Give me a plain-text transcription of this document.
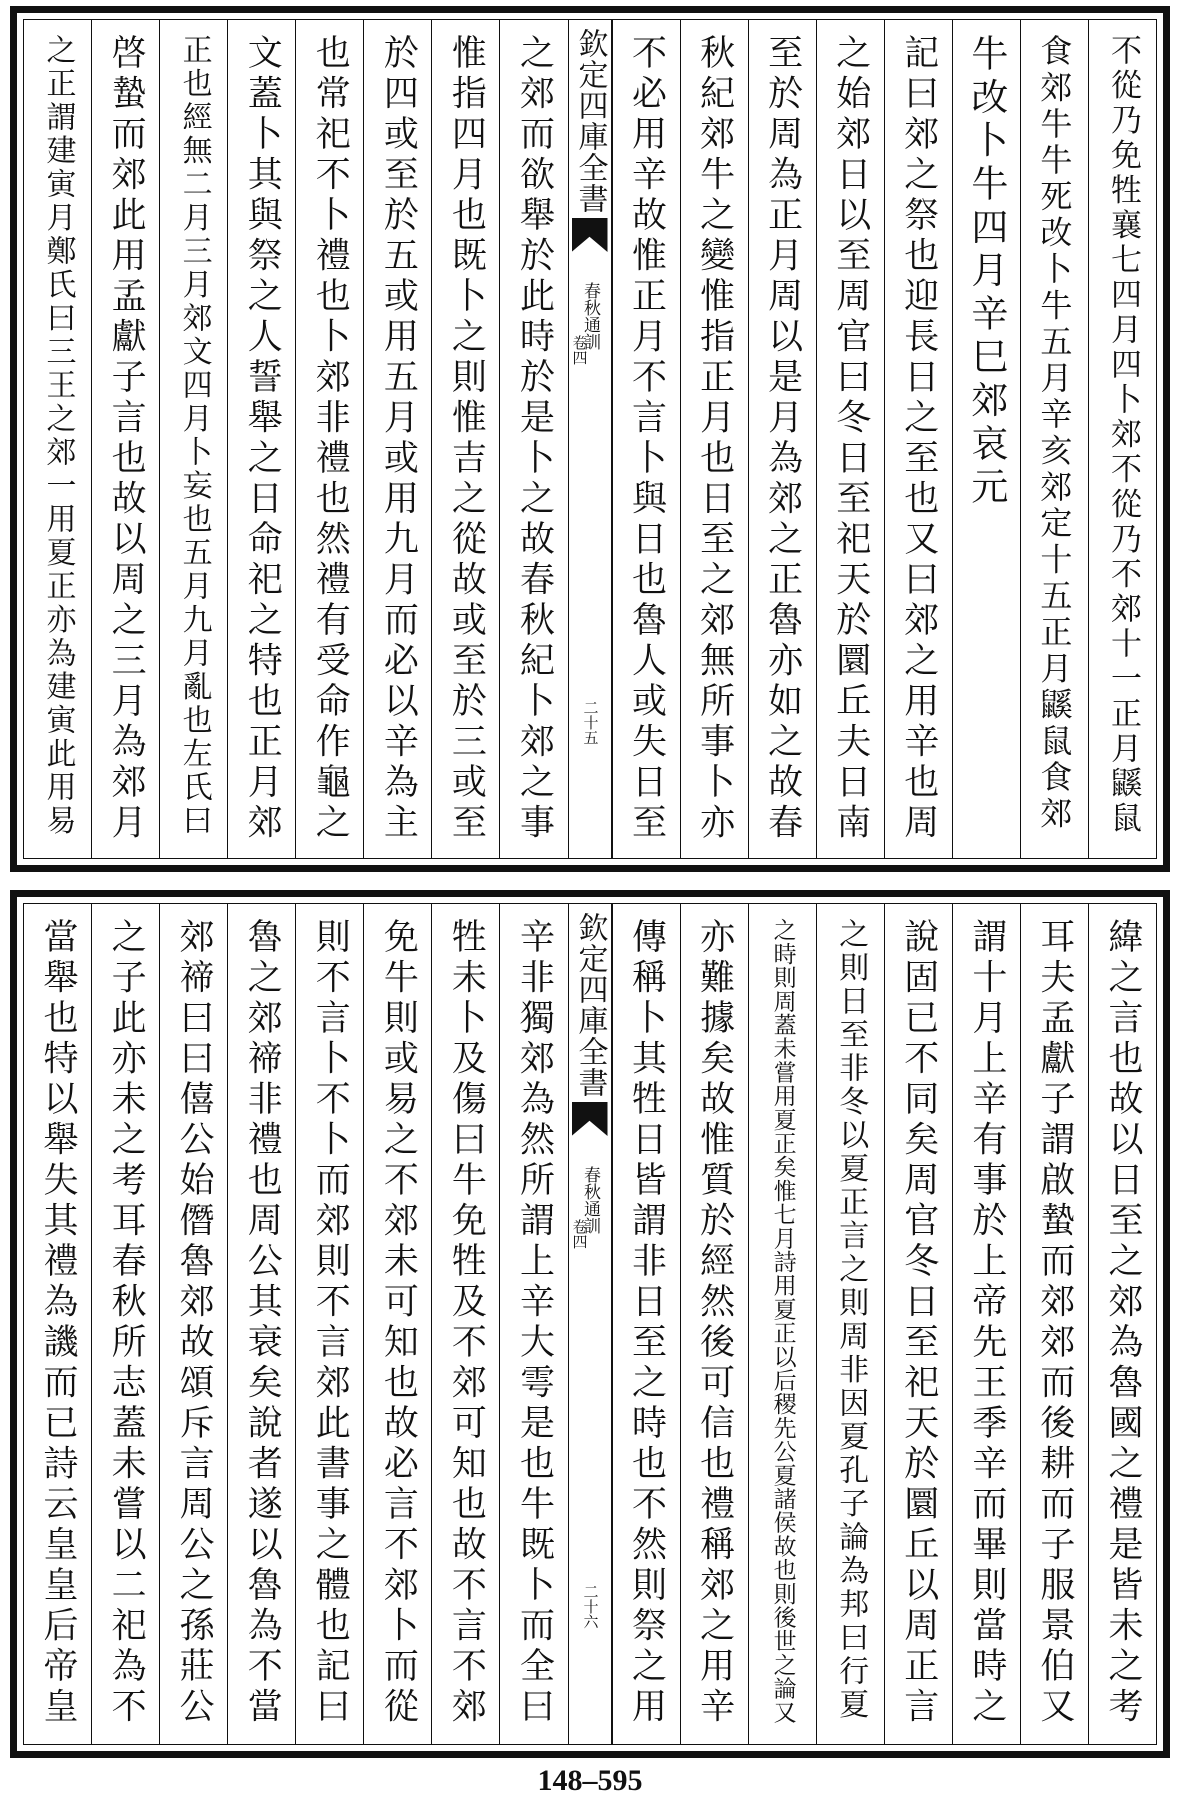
不從乃免牲襄七四月四卜郊不從乃不郊十一正月鼷鼠
食郊牛牛死改卜牛五月辛亥郊定十五正月鼷鼠食郊
牛改卜牛四月辛巳郊哀元
記曰郊之祭也迎長日之至也又曰郊之用辛也周
之始郊日以至周官曰冬日至祀天於圜丘夫日南
至於周為正月周以是月為郊之正魯亦如之故春
秋紀郊牛之變惟指正月也日至之郊無所事卜亦
不必用辛故惟正月不言卜與日也魯人或失日至
欽定四庫全書
春秋通訓
卷四
二十五
之郊而欲舉於此時於是卜之故春秋紀卜郊之事
惟指四月也既卜之則惟吉之從故或至於三或至
於四或至於五或用五月或用九月而必以辛為主
也常祀不卜禮也卜郊非禮也然禮有受命作龜之
文蓋卜其與祭之人誓舉之日命祀之特也正月郊
正也經無二月三月郊文四月卜妄也五月九月亂也左氏曰
啓蟄而郊此用孟獻子言也故以周之三月為郊月
之正謂建寅月鄭氏曰三王之郊一用夏正亦為建寅此用易
緯之言也故以日至之郊為魯國之禮是皆未之考
耳夫孟獻子謂啟蟄而郊郊而後耕而子服景伯又
謂十月上辛有事於上帝先王季辛而畢則當時之
說固已不同矣周官冬日至祀天於圜丘以周正言
之則日至非冬以夏正言之則周非因夏孔子論為邦曰行夏
之時則周蓋未嘗用夏正矣惟七月詩用夏正以后稷先公夏諸侯故也則後世之論又
亦難據矣故惟質於經然後可信也禮稱郊之用辛
傳稱卜其牲日皆謂非日至之時也不然則祭之用
欽定四庫全書
春秋通訓
卷四
二十六
辛非獨郊為然所謂上辛大雩是也牛既卜而全曰
牲未卜及傷曰牛免牲及不郊可知也故不言不郊
免牛則或易之不郊未可知也故必言不郊卜而從
則不言卜不卜而郊則不言郊此書事之體也記曰
魯之郊禘非禮也周公其衰矣說者遂以魯為不當
郊禘曰曰僖公始僭魯郊故頌斥言周公之孫莊公
之子此亦未之考耳春秋所志蓋未嘗以二祀為不
當舉也特以舉失其禮為譏而已詩云皇皇后帝皇
148–595
